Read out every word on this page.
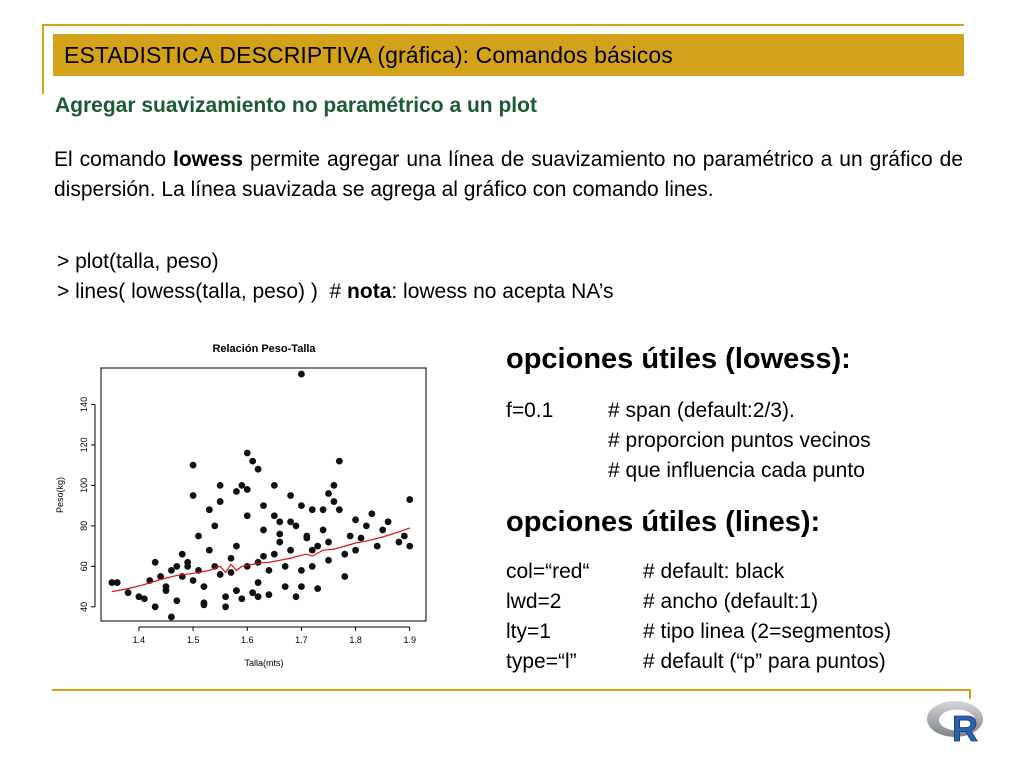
ESTADISTICA DESCRIPTIVA (gráfica): Comandos básicos
Agregar suavizamiento no paramétrico a un plot
El comando lowess permite agregar una línea de suavizamiento no paramétrico a un gráfico de dispersión. La línea suavizada se agrega al gráfico con comando lines.
> plot(talla, peso)
> lines( lowess(talla, peso) )  # nota: lowess no acepta NA’s
Relación Peso-Talla
1.4	1.5	1.6	1.7	1.8	1.9
40
60
80
100
120
140
Talla(mts)
Peso(kg)
opciones útiles (lowess):
f=0.1	# span (default:2/3).
# proporcion puntos vecinos
# que influencia cada punto
opciones útiles (lines):
col=“red“	# default: black
lwd=2	# ancho (default:1)
lty=1	# tipo linea (2=segmentos)
type=“l”	# default (“p” para puntos)
R
